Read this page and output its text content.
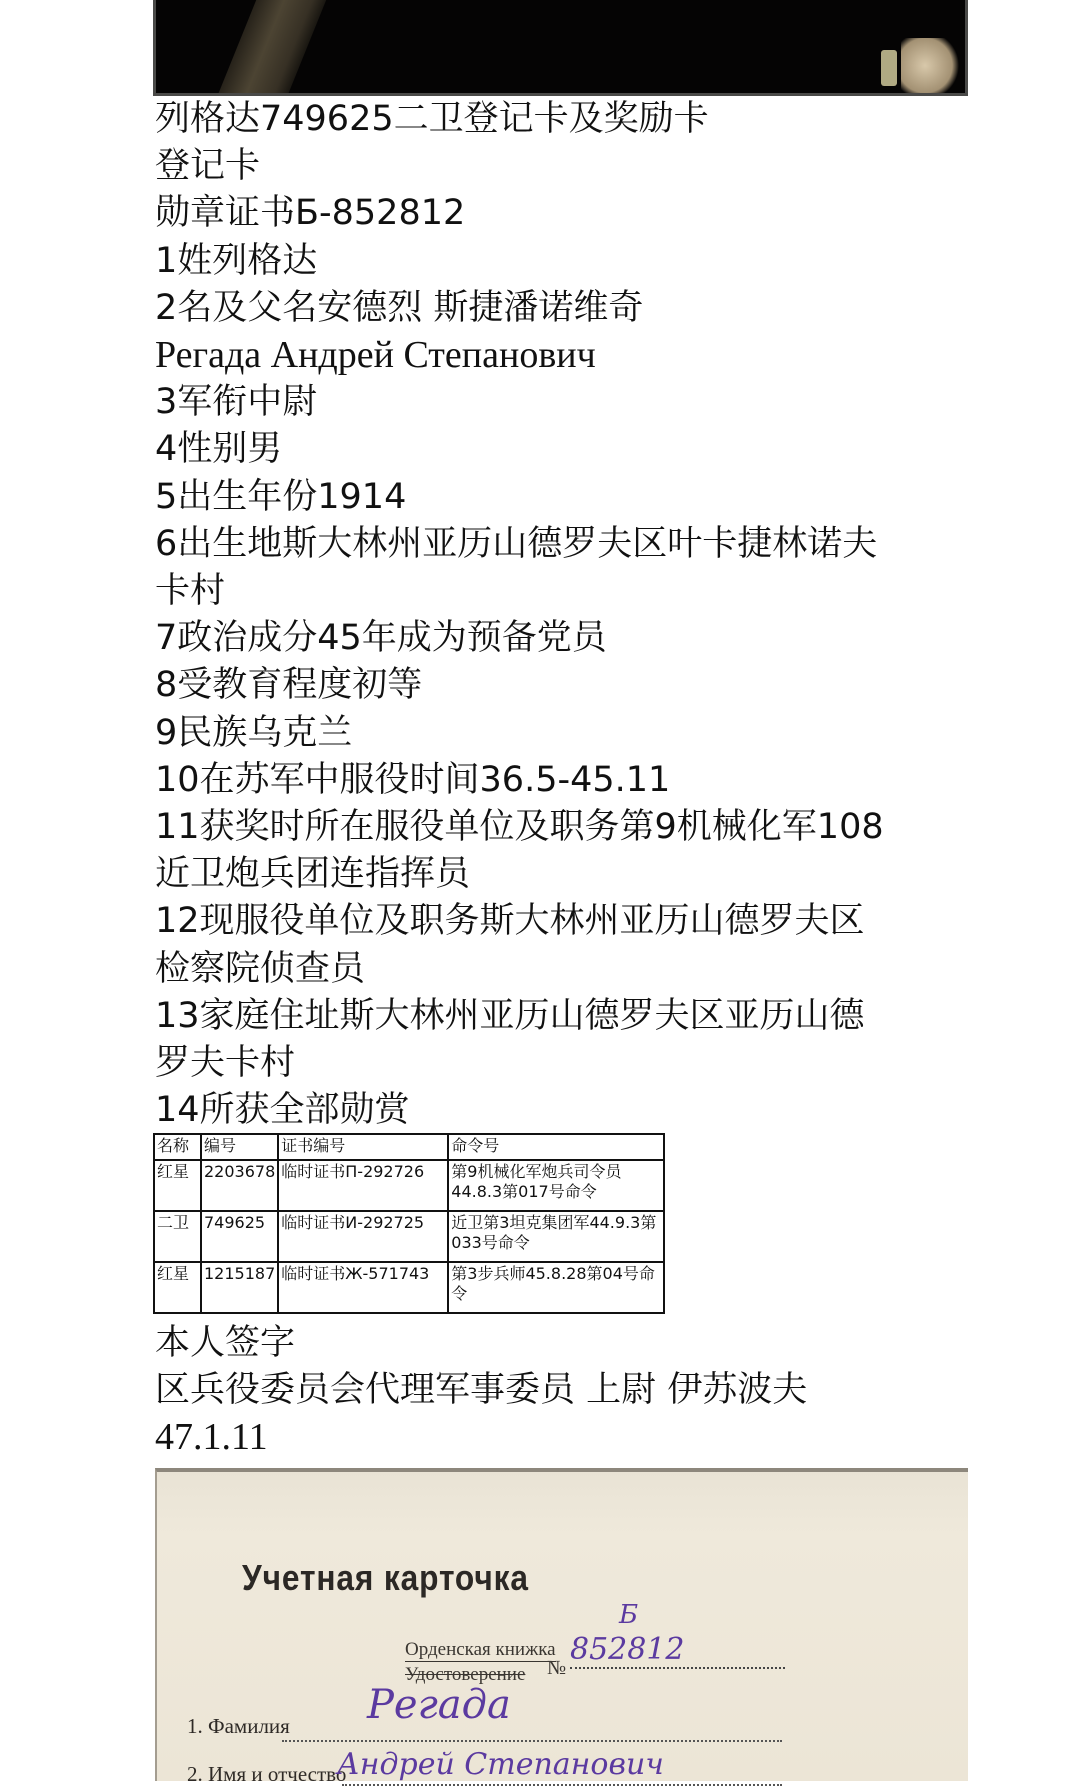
列格达749625二卫登记卡及奖励卡
登记卡
勋章证书Б-852812
1姓列格达
2名及父名安德烈 斯捷潘诺维奇
Регада Андрей Степанович
3军衔中尉
4性别男
5出生年份1914
6出生地斯大林州亚历山德罗夫区叶卡捷林诺夫
卡村
7政治成分45年成为预备党员
8受教育程度初等
9民族乌克兰
10在苏军中服役时间36.5-45.11
11获奖时所在服役单位及职务第9机械化军108
近卫炮兵团连指挥员
12现服役单位及职务斯大林州亚历山德罗夫区
检察院侦查员
13家庭住址斯大林州亚历山德罗夫区亚历山德
罗夫卡村
14所获全部勋赏
名称	编号	证书编号	命令号
红星	2203678	临时证书П-292726	第9机械化军炮兵司令员44.8.3第017号命令
二卫	749625	临时证书И-292725	近卫第3坦克集团军44.9.3第033号命令
红星	1215187	临时证书Ж-571743	第3步兵师45.8.28第04号命令
本人签字
区兵役委员会代理军事委员 上尉 伊苏波夫
47.1.11
Учетная карточка
Орденская книжка
Удостоверение №
Б
852812
1. Фамилия Регада
2. Имя и отчество
Андрей Степанович
